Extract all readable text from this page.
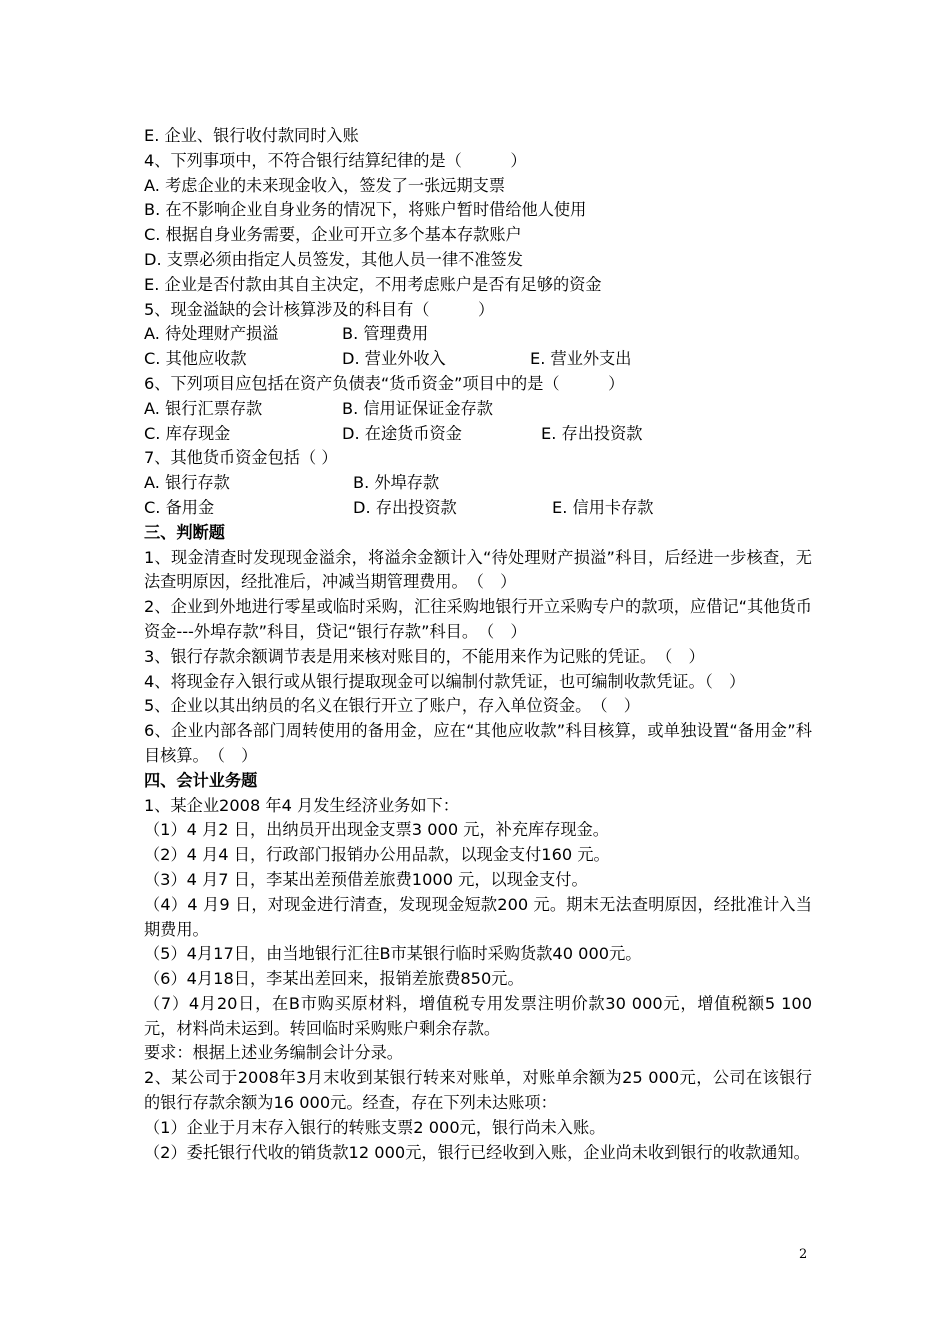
E. 企业、银行收付款同时入账
4、下列事项中，不符合银行结算纪律的是（　　　）
A. 考虑企业的未来现金收入，签发了一张远期支票
B. 在不影响企业自身业务的情况下，将账户暂时借给他人使用
C. 根据自身业务需要，企业可开立多个基本存款账户
D. 支票必须由指定人员签发，其他人员一律不准签发
E. 企业是否付款由其自主决定，不用考虑账户是否有足够的资金
5、现金溢缺的会计核算涉及的科目有（　　　）
A. 待处理财产损溢	B. 管理费用
C. 其他应收款	D. 营业外收入	E. 营业外支出
6、下列项目应包括在资产负债表“货币资金”项目中的是（　　　）
A. 银行汇票存款	B. 信用证保证金存款
C. 库存现金	D. 在途货币资金	E. 存出投资款
7、其他货币资金包括（ ）
A. 银行存款	B. 外埠存款
C. 备用金	D. 存出投资款	E. 信用卡存款
三、判断题
1、现金清查时发现现金溢余，将溢余金额计入“待处理财产损溢”科目，后经进一步核查，无法查明原因，经批准后，冲减当期管理费用。　（　）
2、企业到外地进行零星或临时采购，汇往采购地银行开立采购专户的款项，应借记“其他货币资金---外埠存款”科目，贷记“银行存款”科目。　（　）
3、银行存款余额调节表是用来核对账目的，不能用来作为记账的凭证。　（　）
4、将现金存入银行或从银行提取现金可以编制付款凭证，也可编制收款凭证。（　）
5、企业以其出纳员的名义在银行开立了账户，存入单位资金。　（　）
6、企业内部各部门周转使用的备用金，应在“其他应收款”科目核算，或单独设置“备用金”科目核算。　（　）
四、会计业务题
1、某企业2008 年4 月发生经济业务如下：
（1）4 月2 日，出纳员开出现金支票3 000 元，补充库存现金。
（2）4 月4 日，行政部门报销办公用品款，以现金支付160 元。
（3）4 月7 日，李某出差预借差旅费1000 元，以现金支付。
（4）4 月9 日，对现金进行清查，发现现金短款200 元。期末无法查明原因，经批准计入当期费用。
（5）4月17日，由当地银行汇往B市某银行临时采购货款40 000元。
（6）4月18日，李某出差回来，报销差旅费850元。
（7）4月20日，在B市购买原材料，增值税专用发票注明价款30 000元，增值税额5 100元，材料尚未运到。转回临时采购账户剩余存款。
要求：根据上述业务编制会计分录。
2、某公司于2008年3月末收到某银行转来对账单，对账单余额为25 000元，公司在该银行的银行存款余额为16 000元。经查，存在下列未达账项：
（1）企业于月末存入银行的转账支票2 000元，银行尚未入账。
（2）委托银行代收的销货款12 000元，银行已经收到入账，企业尚未收到银行的收款通知。
2
